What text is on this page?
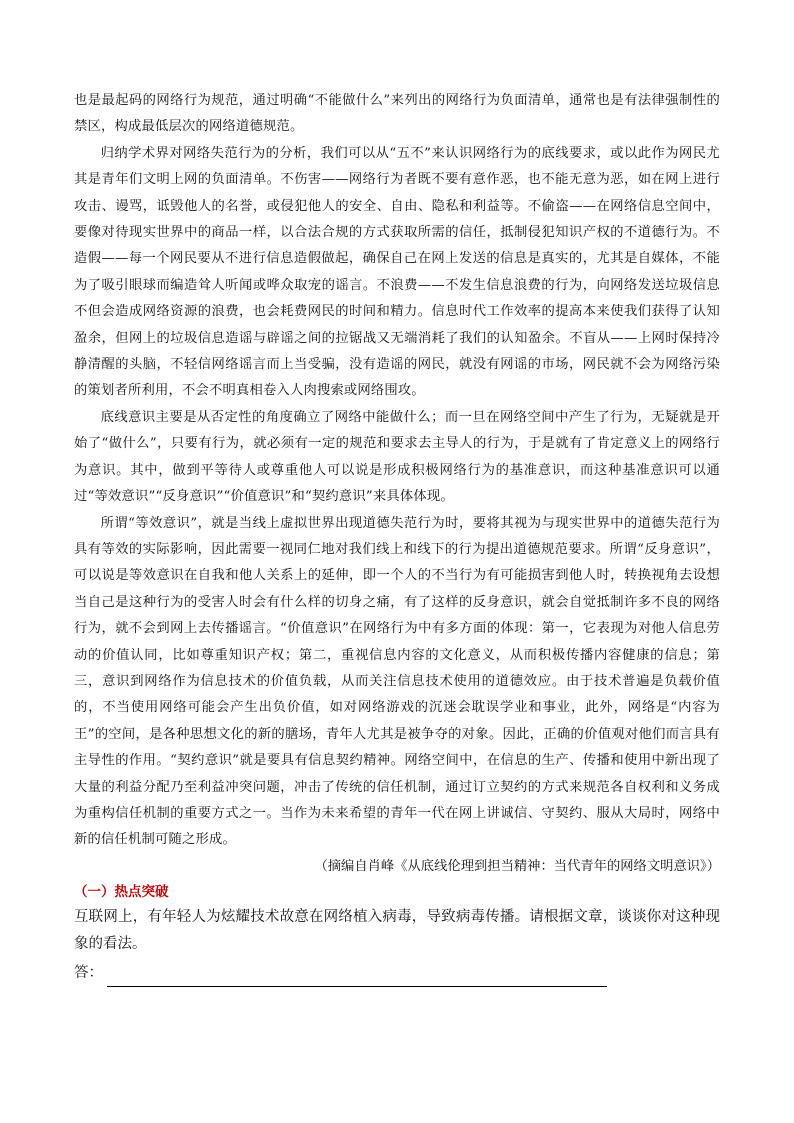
也是最起码的网络行为规范，通过明确“不能做什么”来列出的网络行为负面清单，通常也是有法律强制性的禁区，构成最低层次的网络道德规范。

归纳学术界对网络失范行为的分析，我们可以从“五不”来认识网络行为的底线要求，或以此作为网民尤其是青年们文明上网的负面清单。不伤害——网络行为者既不要有意作恶，也不能无意为恶，如在网上进行攻击、谩骂，诋毁他人的名誉，或侵犯他人的安全、自由、隐私和利益等。不偷盗——在网络信息空间中，要像对待现实世界中的商品一样，以合法合规的方式获取所需的信任，抵制侵犯知识产权的不道德行为。不造假——每一个网民要从不进行信息造假做起，确保自己在网上发送的信息是真实的，尤其是自媒体，不能为了吸引眼球而编造耸人听闻或哗众取宠的谣言。不浪费——不发生信息浪费的行为，向网络发送垃圾信息不但会造成网络资源的浪费，也会耗费网民的时间和精力。信息时代工作效率的提高本来使我们获得了认知盈余，但网上的垃圾信息造谣与辟谣之间的拉锯战又无端消耗了我们的认知盈余。不盲从——上网时保持冷静清醒的头脑，不轻信网络谣言而上当受骗，没有造谣的网民，就没有网谣的市场，网民就不会为网络污染的策划者所利用，不会不明真相卷入人肉搜索或网络围攻。

底线意识主要是从否定性的角度确立了网络中能做什么；而一旦在网络空间中产生了行为，无疑就是开始了“做什么”，只要有行为，就必须有一定的规范和要求去主导人的行为，于是就有了肯定意义上的网络行为意识。其中，做到平等待人或尊重他人可以说是形成积极网络行为的基准意识，而这种基准意识可以通过“等效意识”“反身意识”“价值意识”和“契约意识”来具体体现。

所谓“等效意识”，就是当线上虚拟世界出现道德失范行为时，要将其视为与现实世界中的道德失范行为具有等效的实际影响，因此需要一视同仁地对我们线上和线下的行为提出道德规范要求。所谓“反身意识”，可以说是等效意识在自我和他人关系上的延伸，即一个人的不当行为有可能损害到他人时，转换视角去设想当自己是这种行为的受害人时会有什么样的切身之痛，有了这样的反身意识，就会自觉抵制许多不良的网络行为，就不会到网上去传播谣言。“价值意识”在网络行为中有多方面的体现：第一，它表现为对他人信息劳动的价值认同，比如尊重知识产权；第二，重视信息内容的文化意义，从而积极传播内容健康的信息；第三，意识到网络作为信息技术的价值负载，从而关注信息技术使用的道德效应。由于技术普遍是负载价值的，不当使用网络可能会产生出负价值，如对网络游戏的沉迷会耽误学业和事业，此外，网络是“内容为王”的空间，是各种思想文化的新的膳场，青年人尤其是被争夺的对象。因此，正确的价值观对他们而言具有主导性的作用。“契约意识”就是要具有信息契约精神。网络空间中，在信息的生产、传播和使用中新出现了大量的利益分配乃至利益冲突问题，冲击了传统的信任机制，通过订立契约的方式来规范各自权利和义务成为重构信任机制的重要方式之一。当作为未来希望的青年一代在网上讲诚信、守契约、服从大局时，网络中新的信任机制可随之形成。

（摘编自肖峰《从底线伦理到担当精神：当代青年的网络文明意识》）

（一）热点突破

互联网上，有年轻人为炫耀技术故意在网络植入病毒，导致病毒传播。请根据文章，谈谈你对这种现象的看法。

答：
